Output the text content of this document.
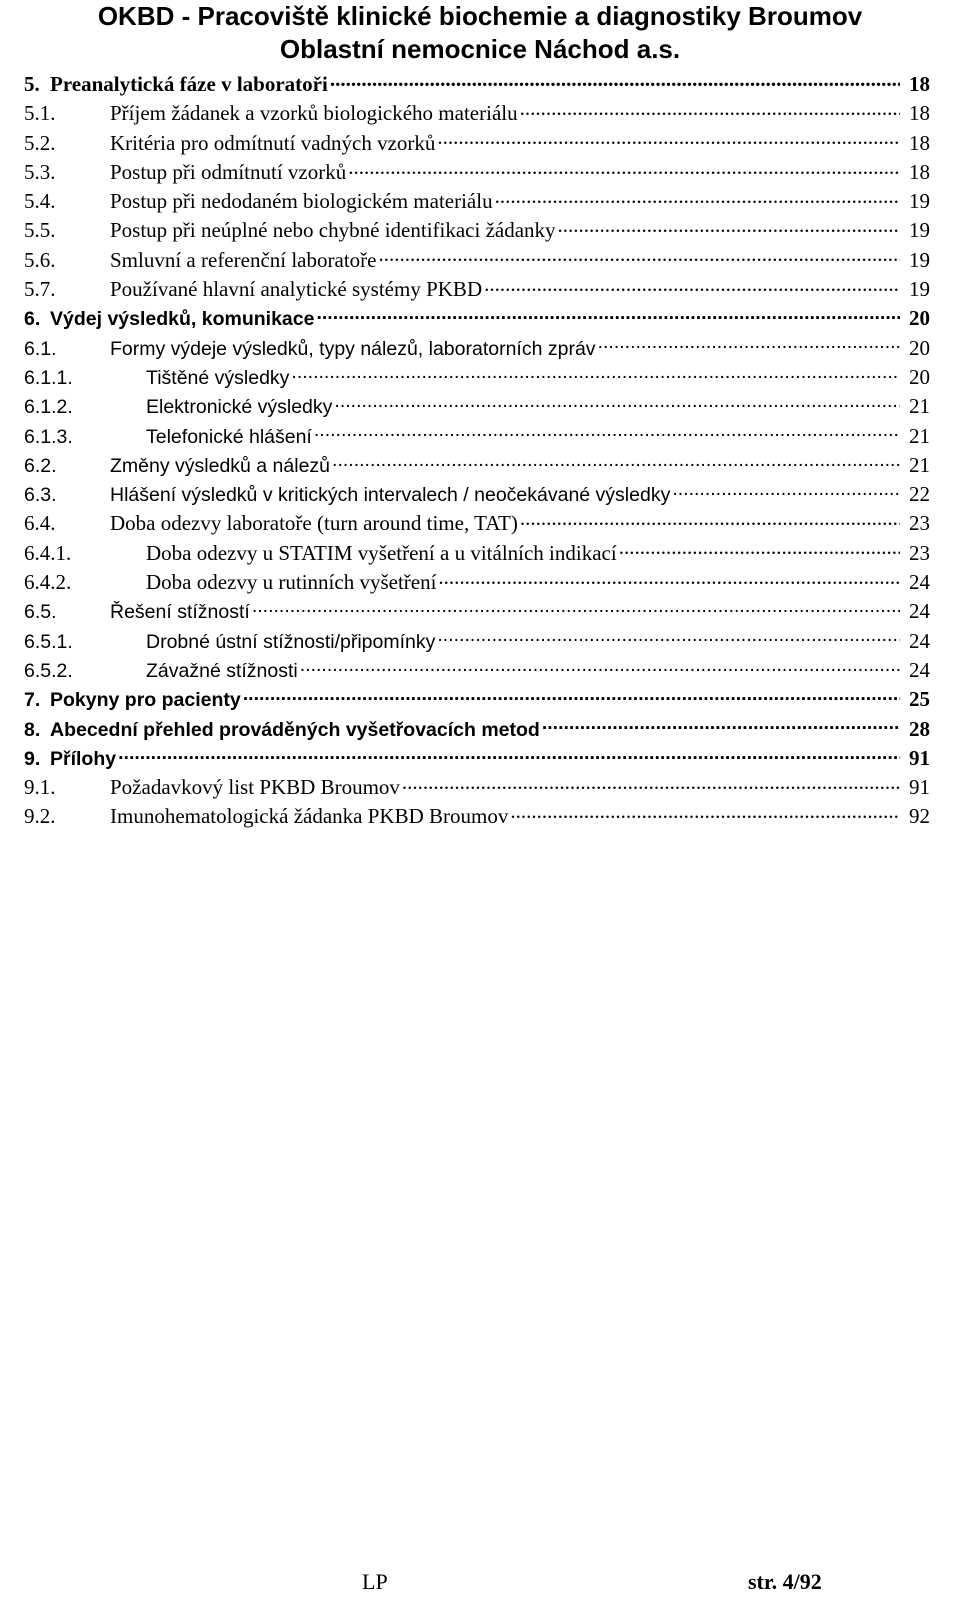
OKBD - Pracoviště klinické biochemie a diagnostiky Broumov
Oblastní nemocnice Náchod a.s.
5. Preanalytická fáze v laboratoři .....	18
5.1.	Příjem žádanek a vzorků biologického materiálu .....	18
5.2.	Kritéria pro odmítnutí vadných vzorků .....	18
5.3.	Postup při odmítnutí vzorků .....	18
5.4.	Postup při nedodaném biologickém materiálu .....	19
5.5.	Postup při neúplné nebo chybné identifikaci žádanky .....	19
5.6.	Smluvní a referenční laboratoře .....	19
5.7.	Používané hlavní analytické systémy PKBD .....	19
6. Výdej výsledků, komunikace .....	20
6.1.	Formy výdeje výsledků, typy nálezů, laboratorních zpráv .....	20
6.1.1.	Tištěné výsledky .....	20
6.1.2.	Elektronické výsledky .....	21
6.1.3.	Telefonické hlášení .....	21
6.2.	Změny výsledků a nálezů .....	21
6.3.	Hlášení výsledků v kritických intervalech / neočekávané výsledky .....	22
6.4.	Doba odezvy laboratoře (turn around time, TAT) .....	23
6.4.1.	Doba odezvy u STATIM vyšetření a u vitálních indikací .....	23
6.4.2.	Doba odezvy u rutinních vyšetření .....	24
6.5.	Řešení stížností .....	24
6.5.1.	Drobné ústní stížnosti/připomínky .....	24
6.5.2.	Závažné stížnosti .....	24
7. Pokyny pro pacienty .....	25
8. Abecední přehled prováděných vyšetřovacích metod .....	28
9. Přílohy .....	91
9.1.	Požadavkový list PKBD Broumov .....	91
9.2.	Imunohematologická žádanka PKBD Broumov .....	92
LP	str. 4/92
